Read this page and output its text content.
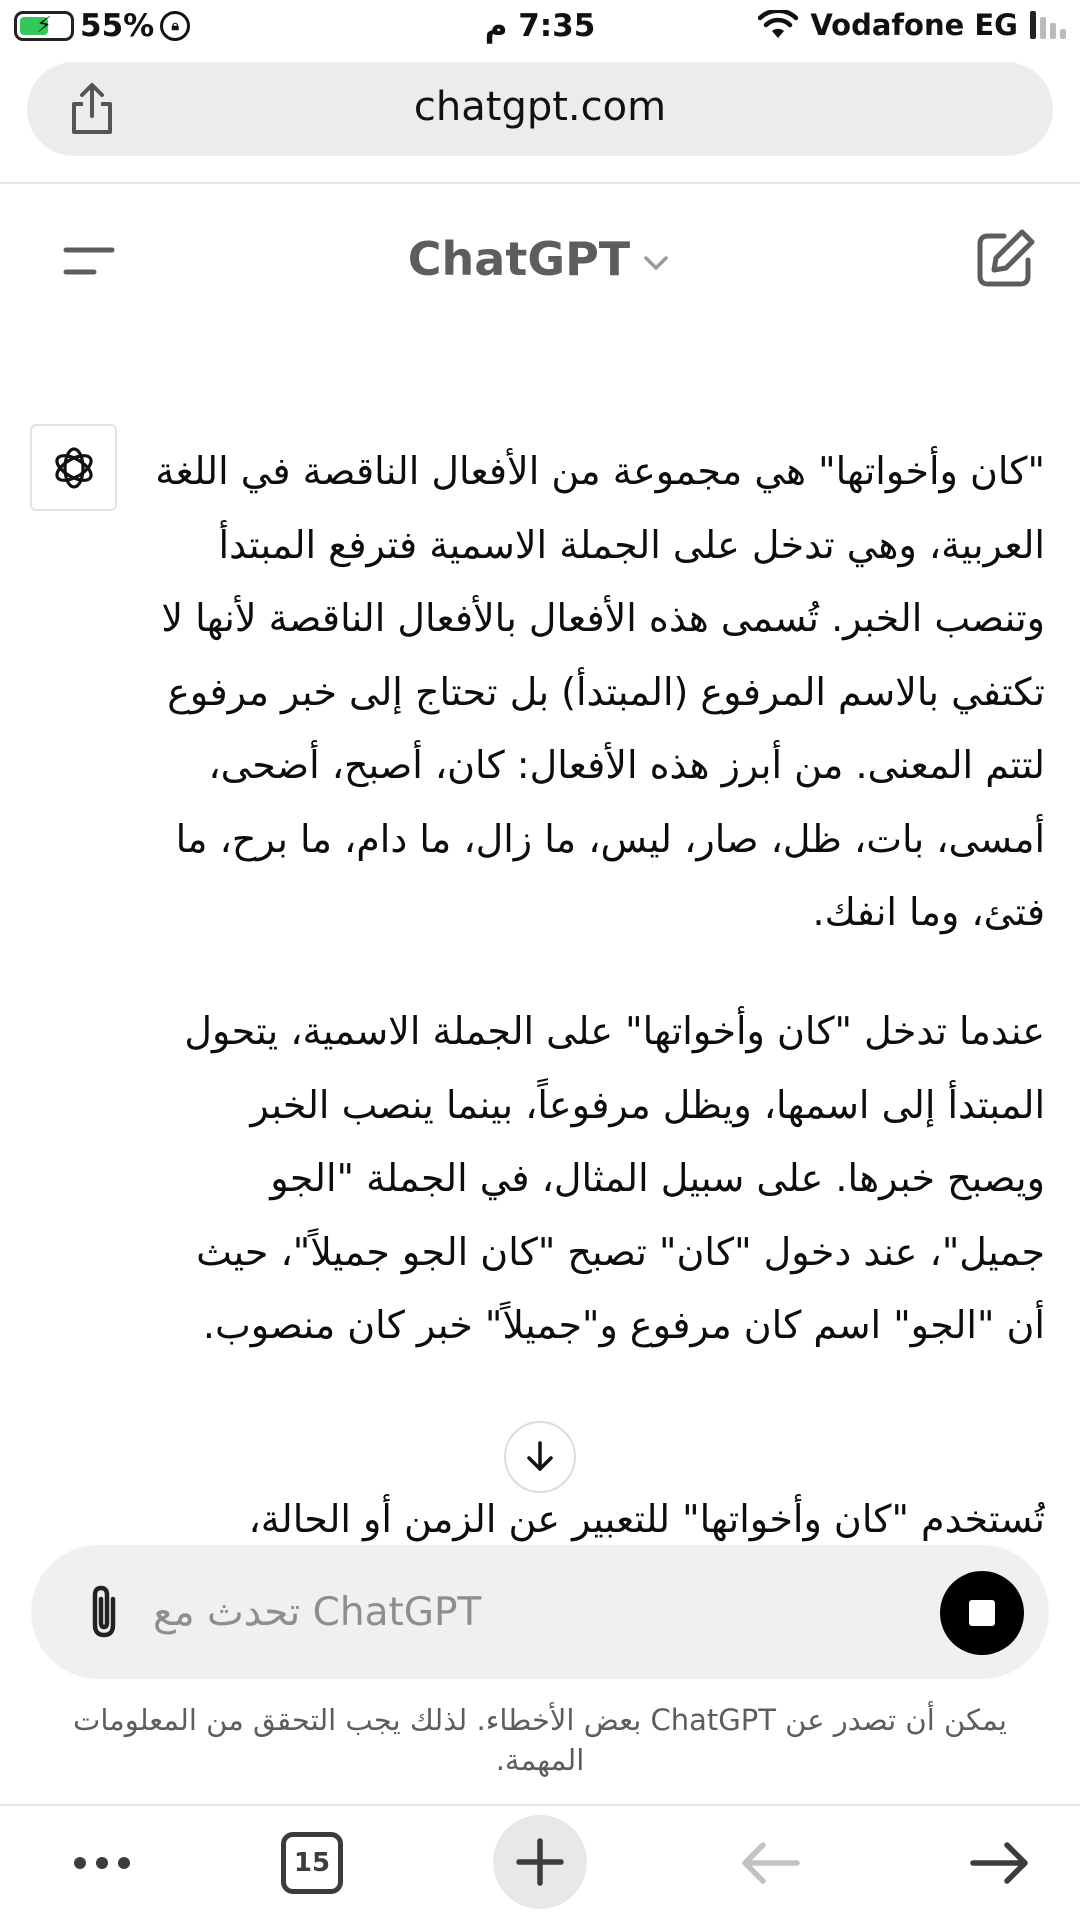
⚡ 55%	🔒︎	7:35 م	Vodafone EG
chatgpt.com
ChatGPT
"كان وأخواتها" هي مجموعة من الأفعال الناقصة في اللغة العربية، وهي تدخل على الجملة الاسمية فترفع المبتدأ وتنصب الخبر. تُسمى هذه الأفعال بالأفعال الناقصة لأنها لا تكتفي بالاسم المرفوع (المبتدأ) بل تحتاج إلى خبر مرفوع لتتم المعنى. من أبرز هذه الأفعال: كان، أصبح، أضحى، أمسى، بات، ظل، صار، ليس، ما زال، ما دام، ما برح، ما فتئ، وما انفك.
عندما تدخل "كان وأخواتها" على الجملة الاسمية، يتحول المبتدأ إلى اسمها، ويظل مرفوعاً، بينما ينصب الخبر ويصبح خبرها. على سبيل المثال، في الجملة "الجو جميل"، عند دخول "كان" تصبح "كان الجو جميلاً"، حيث أن "الجو" اسم كان مرفوع و"جميلاً" خبر كان منصوب.
تُستخدم "كان وأخواتها" للتعبير عن الزمن أو الحالة،
تحدث مع ChatGPT
يمكن أن تصدر عن ChatGPT بعض الأخطاء. لذلك يجب التحقق من المعلومات المهمة.
15
